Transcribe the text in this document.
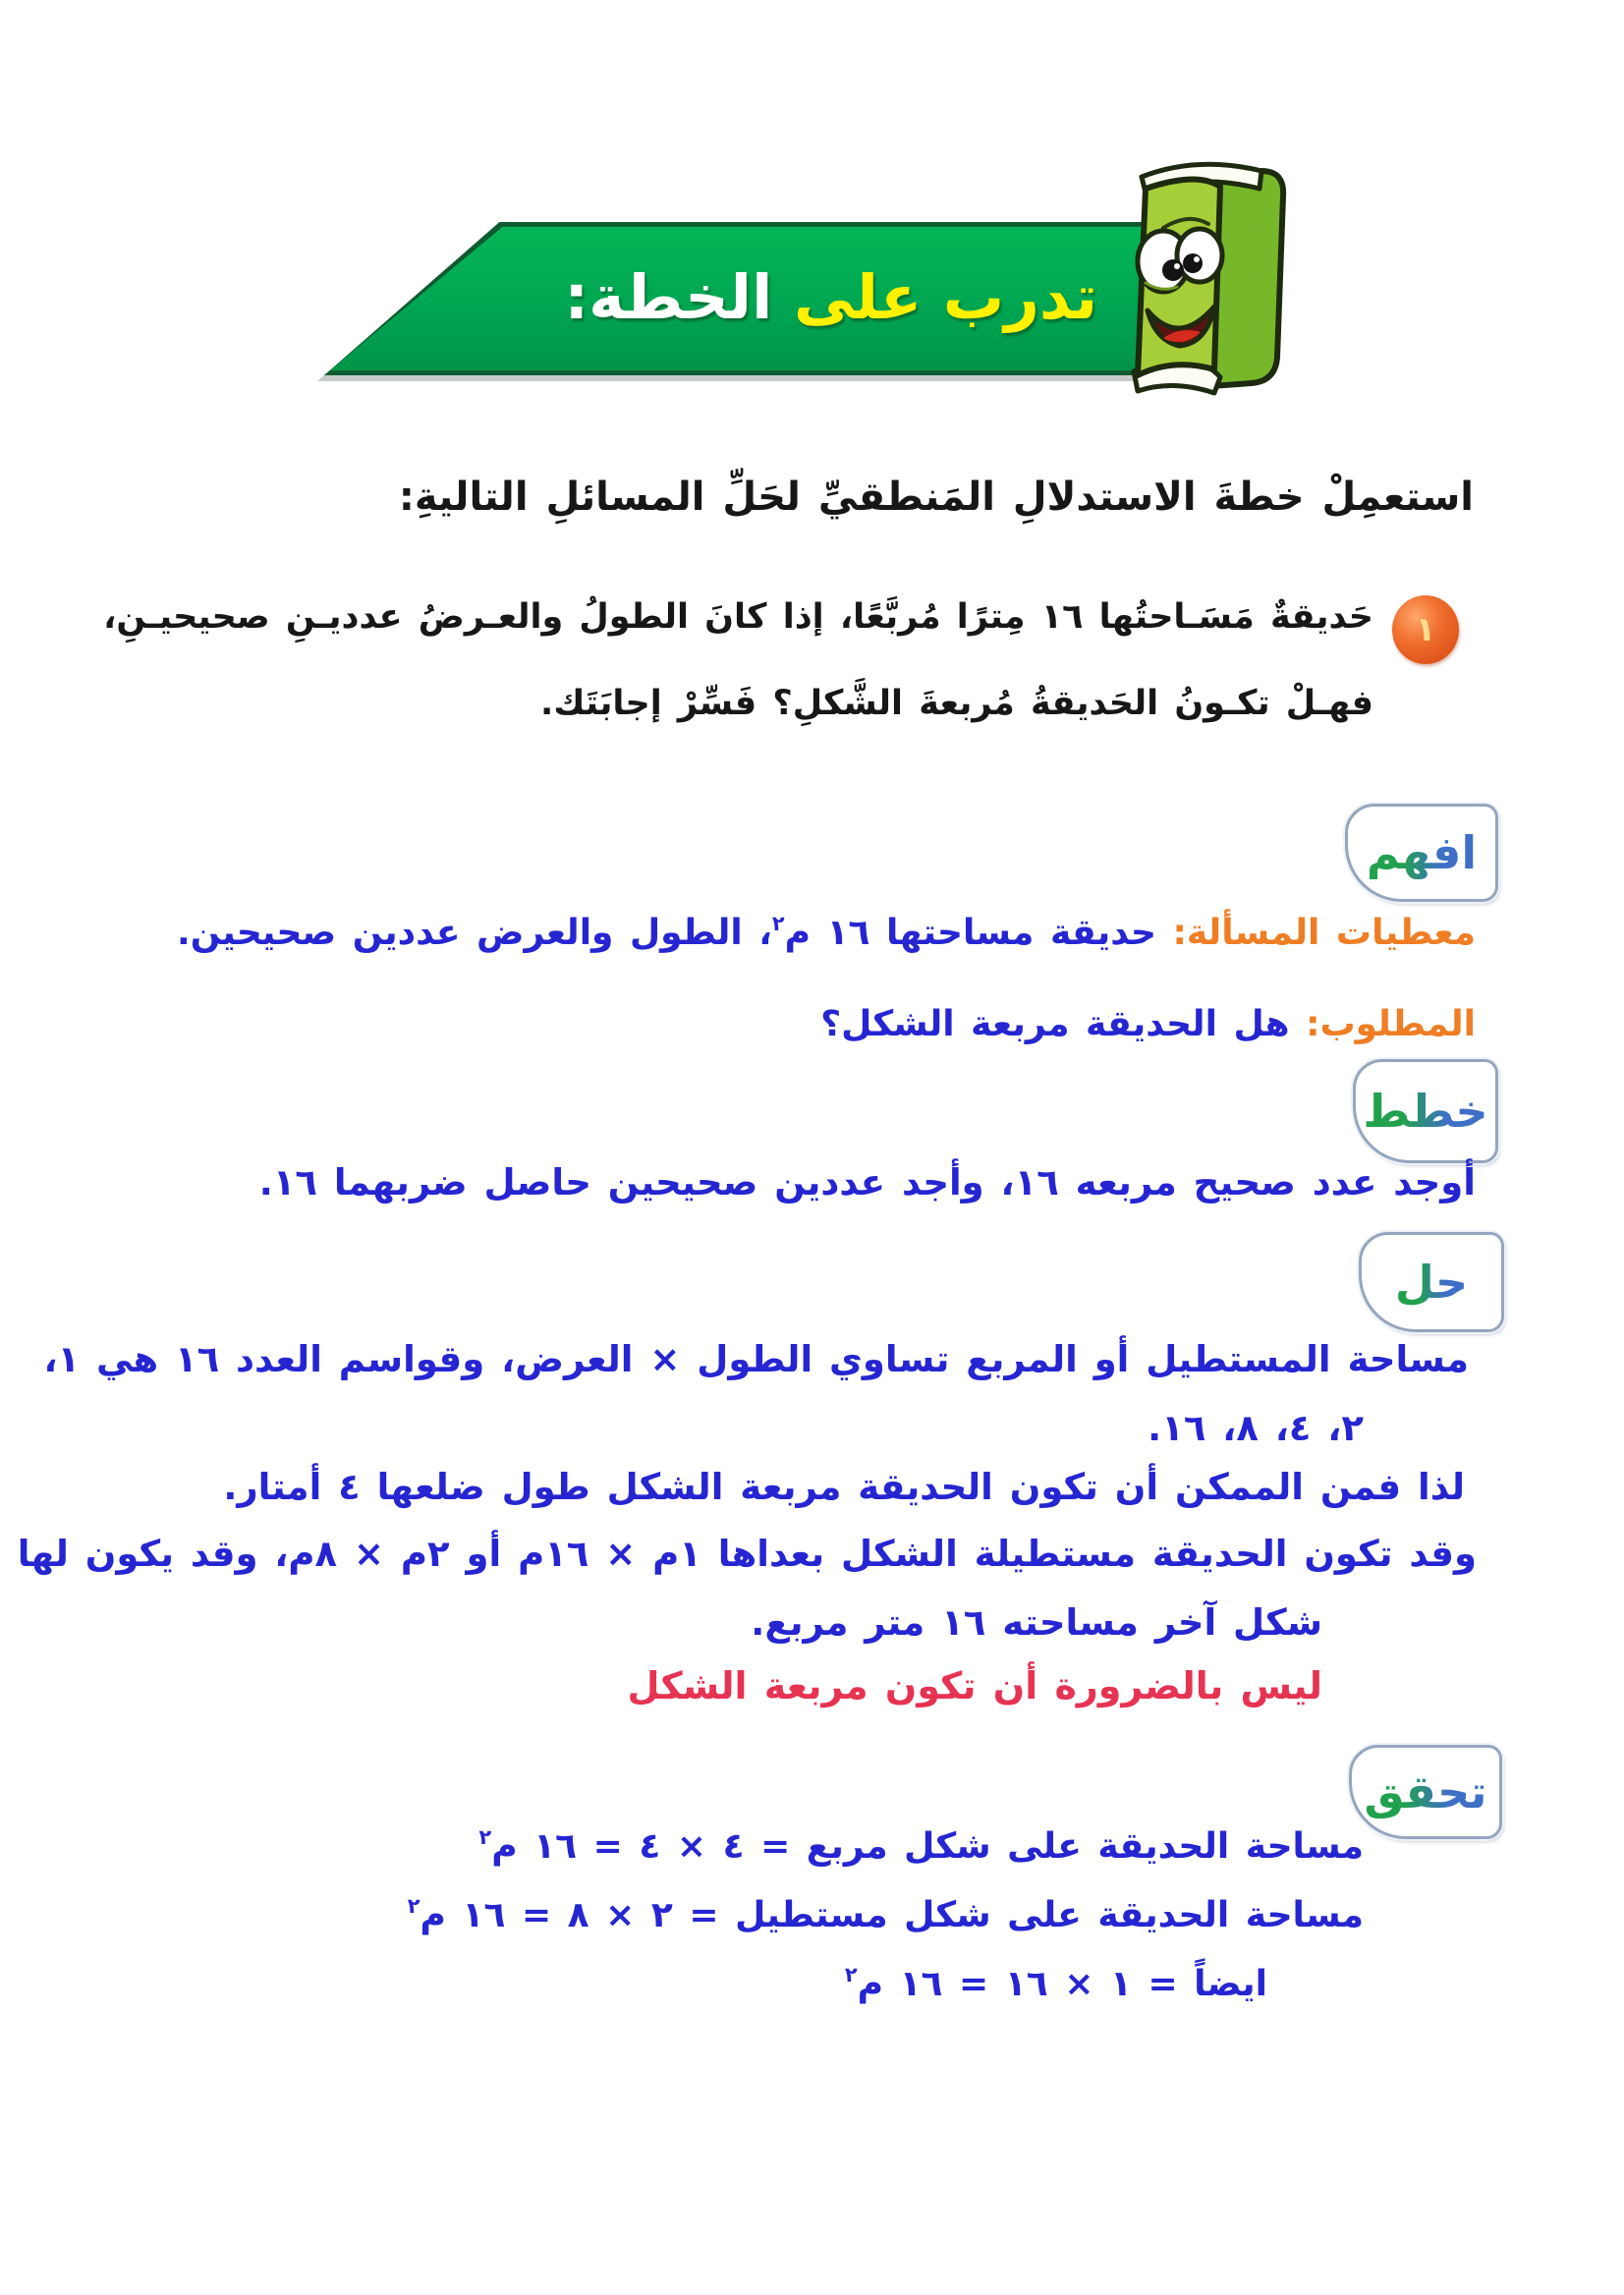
تدرب على الخطة:
استعمِلْ خطةَ الاستدلالِ المَنطقيِّ لحَلِّ المسائلِ التاليةِ:
١
حَديقةٌ مَسَـاحتُها ١٦ مِترًا مُربَّعًا، إذا كانَ الطولُ والعـرضُ عدديـنِ صحيحيـنِ،
فهـلْ تكـونُ الحَديقةُ مُربعةَ الشَّكلِ؟ فَسِّرْ إجابَتَك.
افهم
معطيات المسألة: حديقة مساحتها ١٦ م$^٢$، الطول والعرض عددين صحيحين.
المطلوب: هل الحديقة مربعة الشكل؟
خطط
أوجد عدد صحيح مربعه ١٦، وأجد عددين صحيحين حاصل ضربهما ١٦.
حل
مساحة المستطيل أو المربع تساوي الطول × العرض، وقواسم العدد ١٦ هي ١،
٢، ٤، ٨، ١٦.
لذا فمن الممكن أن تكون الحديقة مربعة الشكل طول ضلعها ٤ أمتار.
وقد تكون الحديقة مستطيلة الشكل بعداها ١م × ١٦م أو ٢م × ٨م، وقد يكون لها
شكل آخر مساحته ١٦ متر مربع.
ليس بالضرورة أن تكون مربعة الشكل
تحقق
مساحة الحديقة على شكل مربع = ٤ × ٤ = ١٦ م$^٢$
مساحة الحديقة على شكل مستطيل = ٢ × ٨ = ١٦ م$^٢$
ايضاً = ١ × ١٦ = ١٦ م$^٢$
